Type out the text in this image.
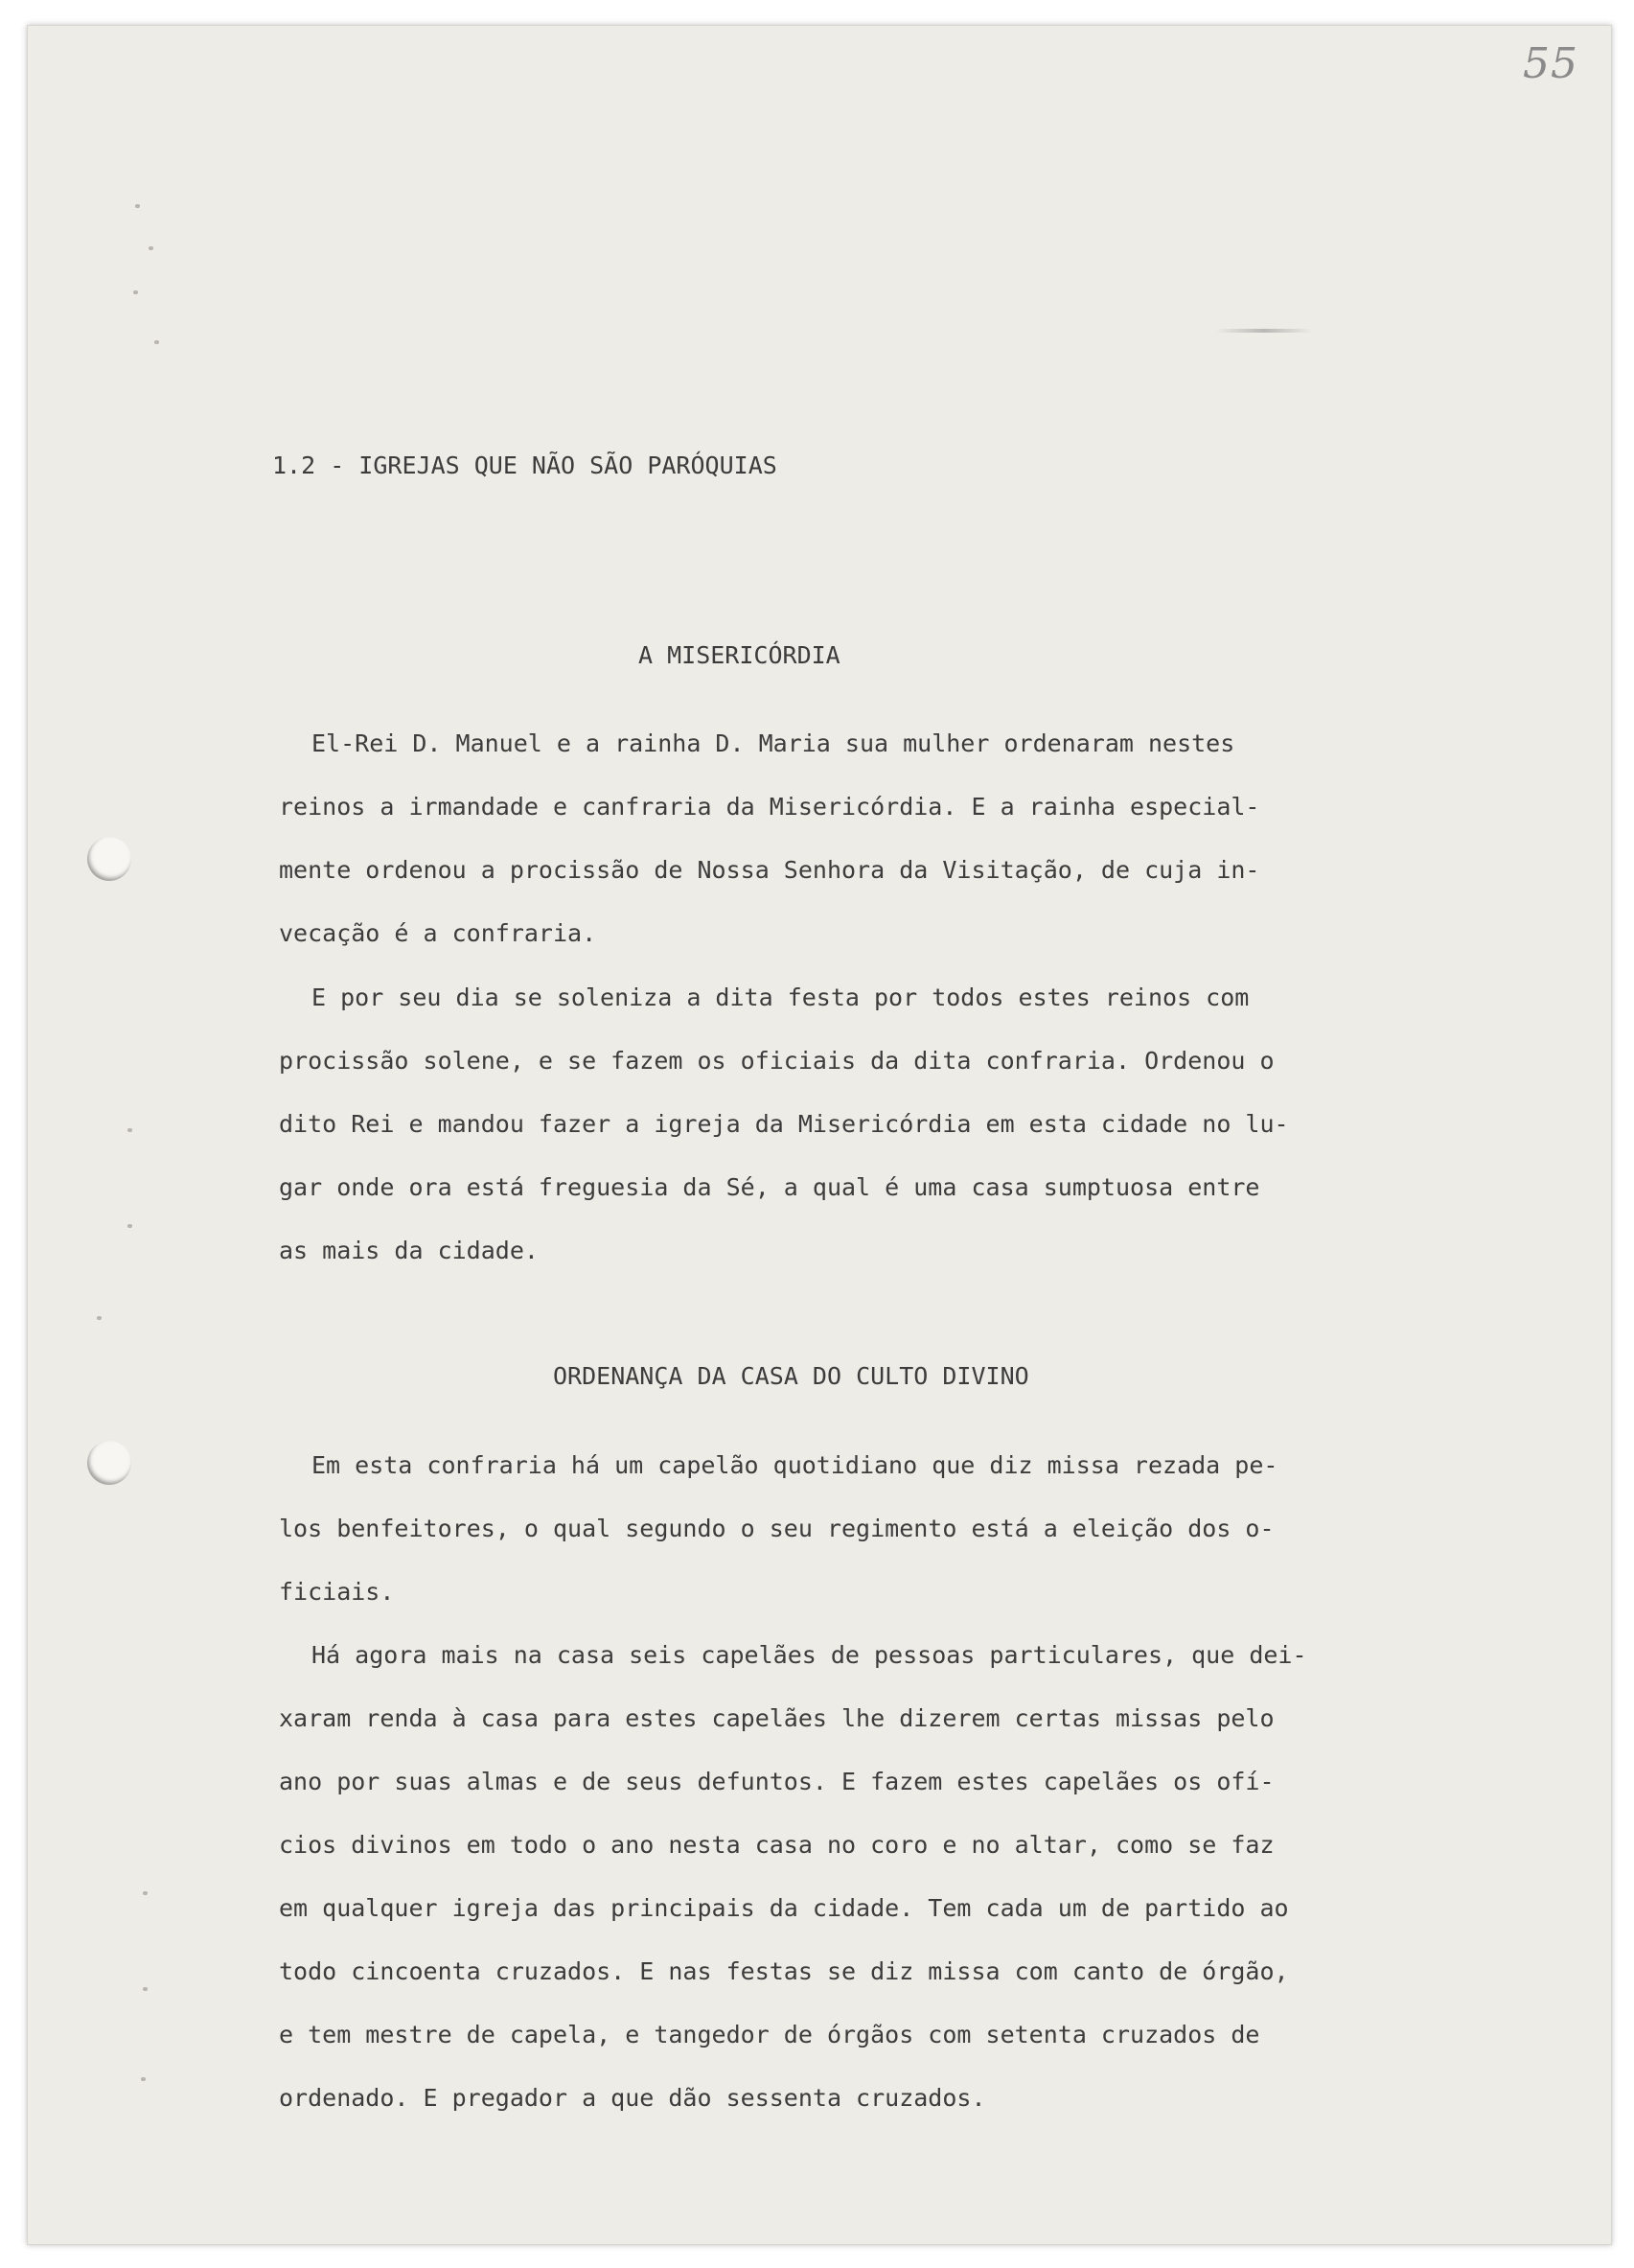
55
1.2 - IGREJAS QUE NÃO SÃO PARÓQUIAS
A MISERICÓRDIA
El-Rei D. Manuel e a rainha D. Maria sua mulher ordenaram nestes
reinos a irmandade e canfraria da Misericórdia. E a rainha especial-
mente ordenou a procissão de Nossa Senhora da Visitação, de cuja in-
vecação é a confraria.
E por seu dia se soleniza a dita festa por todos estes reinos com
procissão solene, e se fazem os oficiais da dita confraria. Ordenou o
dito Rei e mandou fazer a igreja da Misericórdia em esta cidade no lu-
gar onde ora está freguesia da Sé, a qual é uma casa sumptuosa entre
as mais da cidade.
ORDENANÇA DA CASA DO CULTO DIVINO
Em esta confraria há um capelão quotidiano que diz missa rezada pe-
los benfeitores, o qual segundo o seu regimento está a eleição dos o-
ficiais.
Há agora mais na casa seis capelães de pessoas particulares, que dei-
xaram renda à casa para estes capelães lhe dizerem certas missas pelo
ano por suas almas e de seus defuntos. E fazem estes capelães os ofí-
cios divinos em todo o ano nesta casa no coro e no altar, como se faz
em qualquer igreja das principais da cidade. Tem cada um de partido ao
todo cincoenta cruzados. E nas festas se diz missa com canto de órgão,
e tem mestre de capela, e tangedor de órgãos com setenta cruzados de
ordenado. E pregador a que dão sessenta cruzados.
